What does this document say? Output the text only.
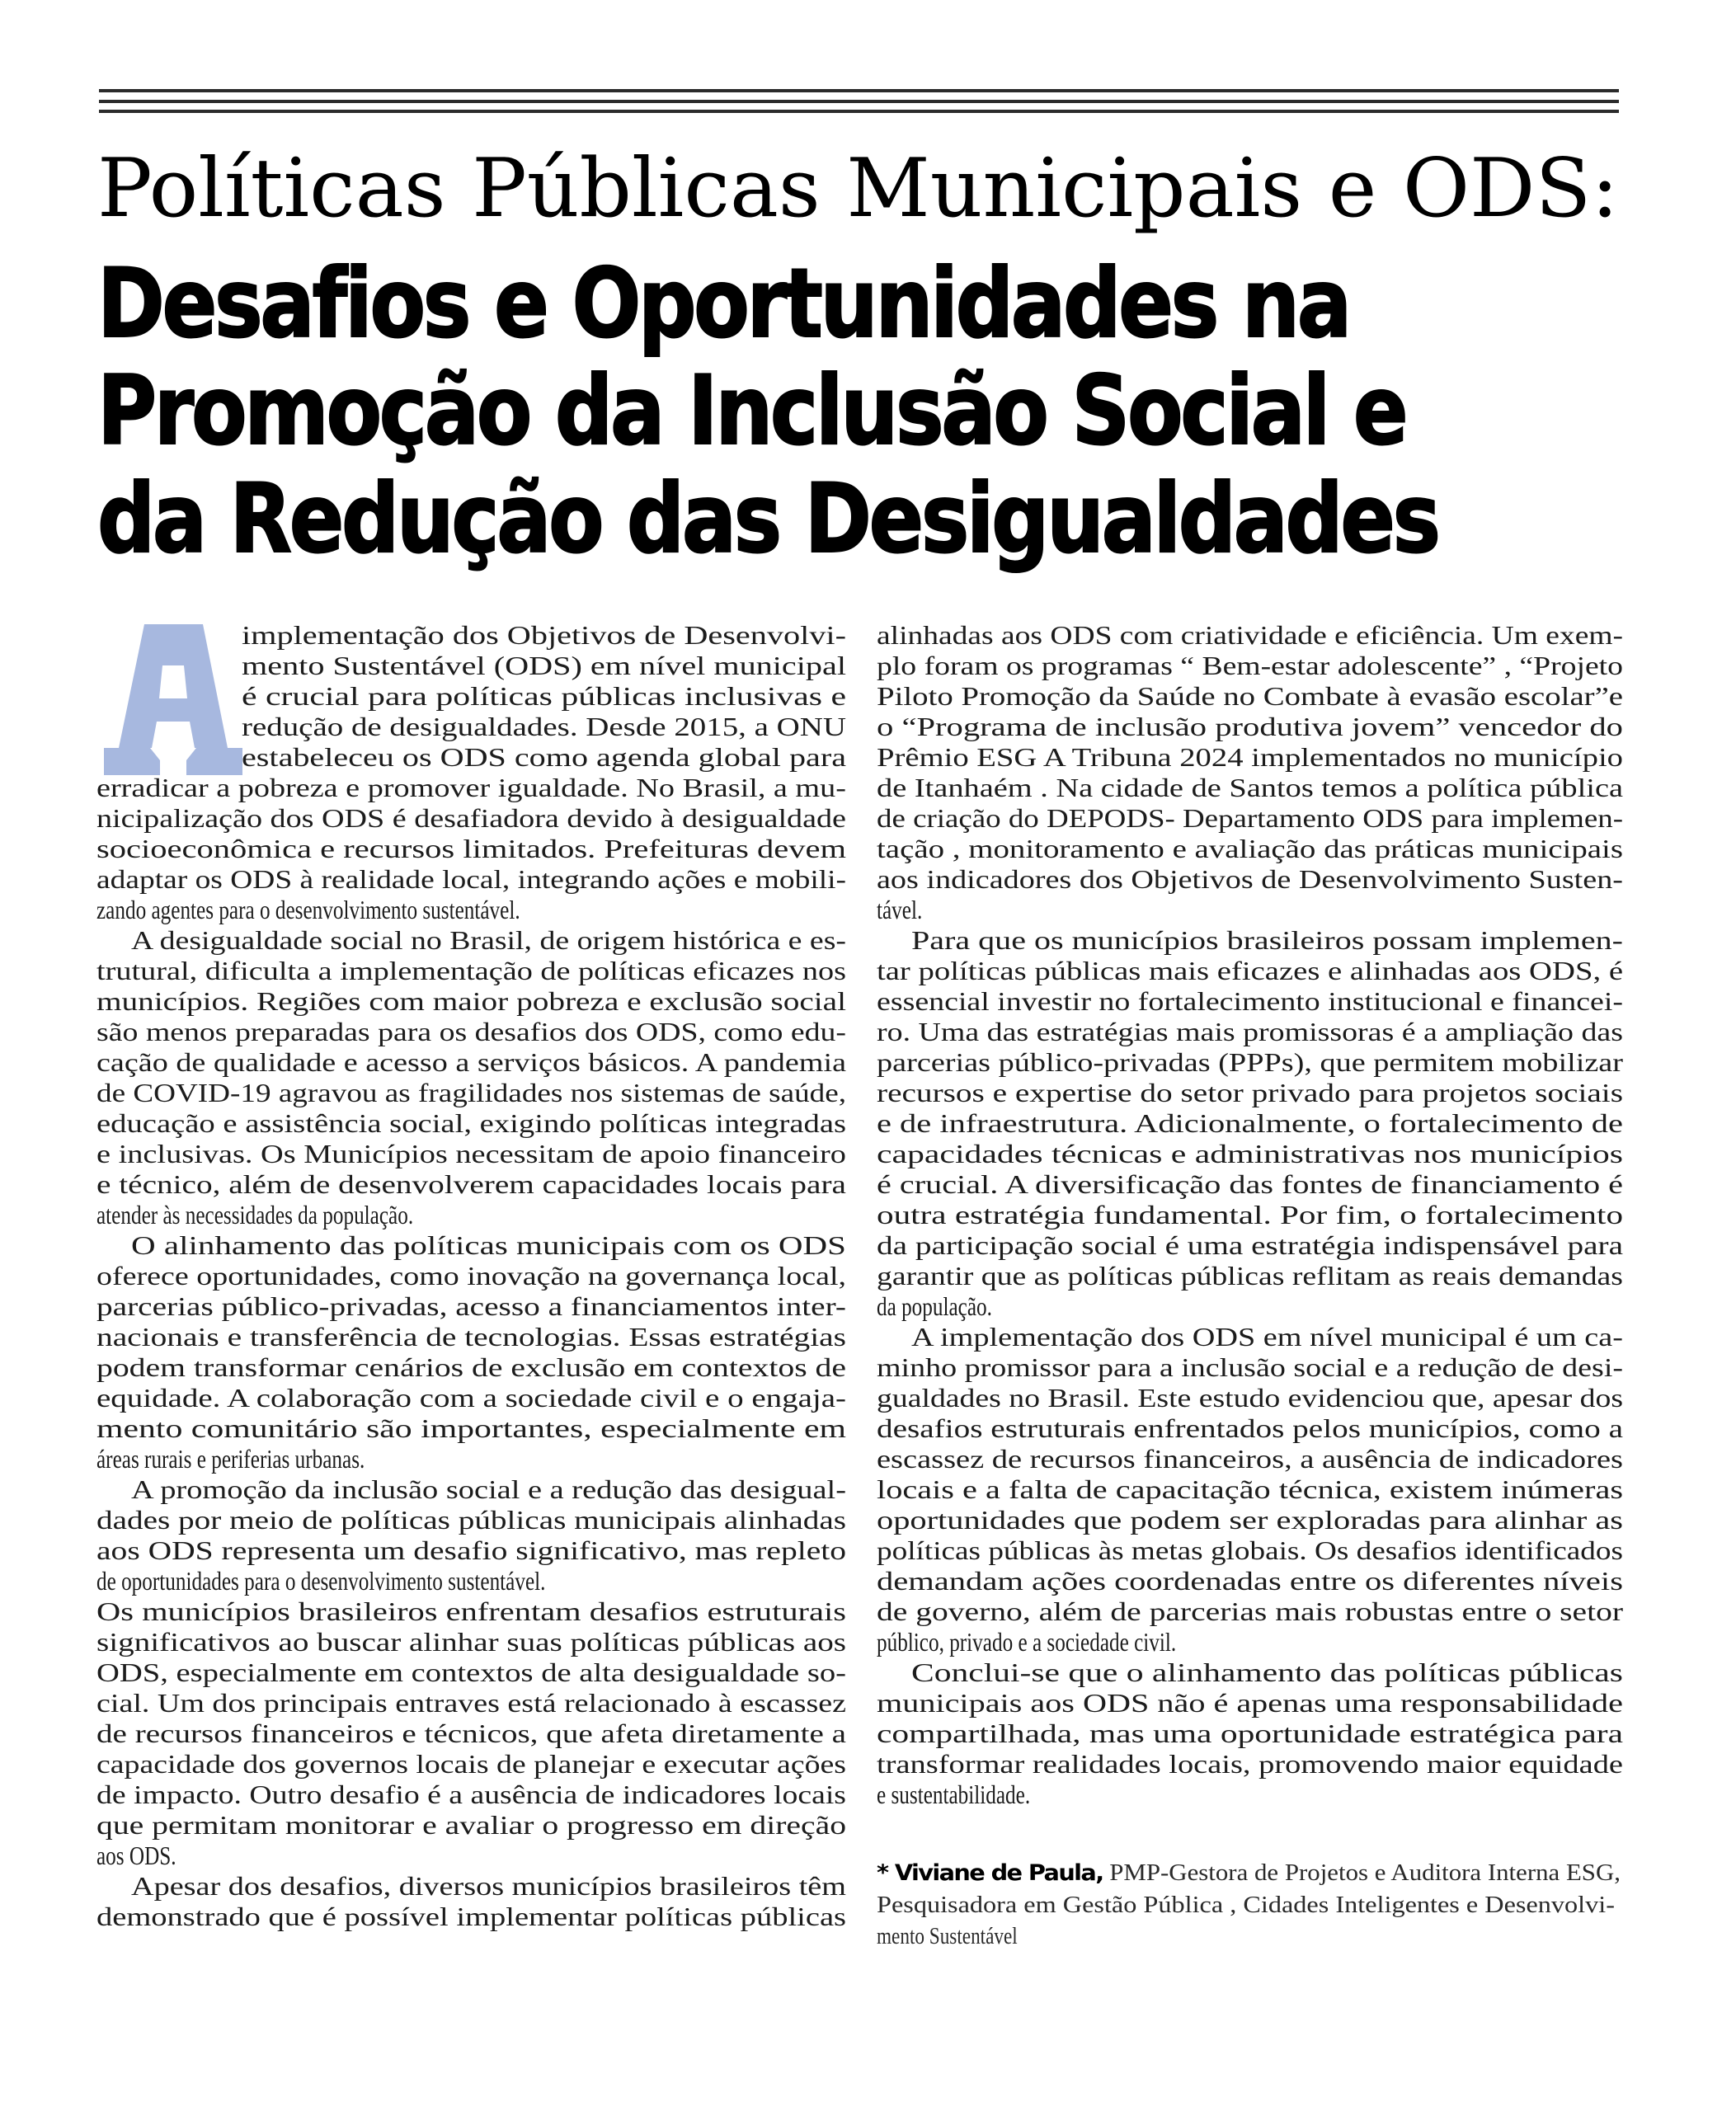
Políticas Públicas Municipais e ODS:
Desafios e Oportunidades na
Promoção da Inclusão Social e
da Redução das Desigualdades
implementação dos Objetivos de Desenvolvi-
mento Sustentável (ODS) em nível municipal
é crucial para políticas públicas inclusivas e
redução de desigualdades. Desde 2015, a ONU
estabeleceu os ODS como agenda global para
erradicar a pobreza e promover igualdade. No Brasil, a mu-
nicipalização dos ODS é desafiadora devido à desigualdade
socioeconômica e recursos limitados. Prefeituras devem
adaptar os ODS à realidade local, integrando ações e mobili-
zando agentes para o desenvolvimento sustentável.
A desigualdade social no Brasil, de origem histórica e es-
trutural, dificulta a implementação de políticas eficazes nos
municípios. Regiões com maior pobreza e exclusão social
são menos preparadas para os desafios dos ODS, como edu-
cação de qualidade e acesso a serviços básicos. A pandemia
de COVID-19 agravou as fragilidades nos sistemas de saúde,
educação e assistência social, exigindo políticas integradas
e inclusivas. Os Municípios necessitam de apoio financeiro
e técnico, além de desenvolverem capacidades locais para
atender às necessidades da população.
O alinhamento das políticas municipais com os ODS
oferece oportunidades, como inovação na governança local,
parcerias público-privadas, acesso a financiamentos inter-
nacionais e transferência de tecnologias. Essas estratégias
podem transformar cenários de exclusão em contextos de
equidade. A colaboração com a sociedade civil e o engaja-
mento comunitário são importantes, especialmente em
áreas rurais e periferias urbanas.
A promoção da inclusão social e a redução das desigual-
dades por meio de políticas públicas municipais alinhadas
aos ODS representa um desafio significativo, mas repleto
de oportunidades para o desenvolvimento sustentável.
Os municípios brasileiros enfrentam desafios estruturais
significativos ao buscar alinhar suas políticas públicas aos
ODS, especialmente em contextos de alta desigualdade so-
cial. Um dos principais entraves está relacionado à escassez
de recursos financeiros e técnicos, que afeta diretamente a
capacidade dos governos locais de planejar e executar ações
de impacto. Outro desafio é a ausência de indicadores locais
que permitam monitorar e avaliar o progresso em direção
aos ODS.
Apesar dos desafios, diversos municípios brasileiros têm
demonstrado que é possível implementar políticas públicas
alinhadas aos ODS com criatividade e eficiência. Um exem-
plo foram os programas “ Bem-estar adolescente” , “Projeto
Piloto Promoção da Saúde no Combate à evasão escolar”e
o “Programa de inclusão produtiva jovem” vencedor do
Prêmio ESG A Tribuna 2024 implementados no município
de Itanhaém . Na cidade de Santos temos a política pública
de criação do DEPODS- Departamento ODS para implemen-
tação , monitoramento e avaliação das práticas municipais
aos indicadores dos Objetivos de Desenvolvimento Susten-
tável.
Para que os municípios brasileiros possam implemen-
tar políticas públicas mais eficazes e alinhadas aos ODS, é
essencial investir no fortalecimento institucional e financei-
ro. Uma das estratégias mais promissoras é a ampliação das
parcerias público-privadas (PPPs), que permitem mobilizar
recursos e expertise do setor privado para projetos sociais
e de infraestrutura. Adicionalmente, o fortalecimento de
capacidades técnicas e administrativas nos municípios
é crucial. A diversificação das fontes de financiamento é
outra estratégia fundamental. Por fim, o fortalecimento
da participação social é uma estratégia indispensável para
garantir que as políticas públicas reflitam as reais demandas
da população.
A implementação dos ODS em nível municipal é um ca-
minho promissor para a inclusão social e a redução de desi-
gualdades no Brasil. Este estudo evidenciou que, apesar dos
desafios estruturais enfrentados pelos municípios, como a
escassez de recursos financeiros, a ausência de indicadores
locais e a falta de capacitação técnica, existem inúmeras
oportunidades que podem ser exploradas para alinhar as
políticas públicas às metas globais. Os desafios identificados
demandam ações coordenadas entre os diferentes níveis
de governo, além de parcerias mais robustas entre o setor
público, privado e a sociedade civil.
Conclui-se que o alinhamento das políticas públicas
municipais aos ODS não é apenas uma responsabilidade
compartilhada, mas uma oportunidade estratégica para
transformar realidades locais, promovendo maior equidade
e sustentabilidade.
* Viviane de Paula, PMP-Gestora de Projetos e Auditora Interna ESG,
Pesquisadora em Gestão Pública , Cidades Inteligentes e Desenvolvi-
mento Sustentável
